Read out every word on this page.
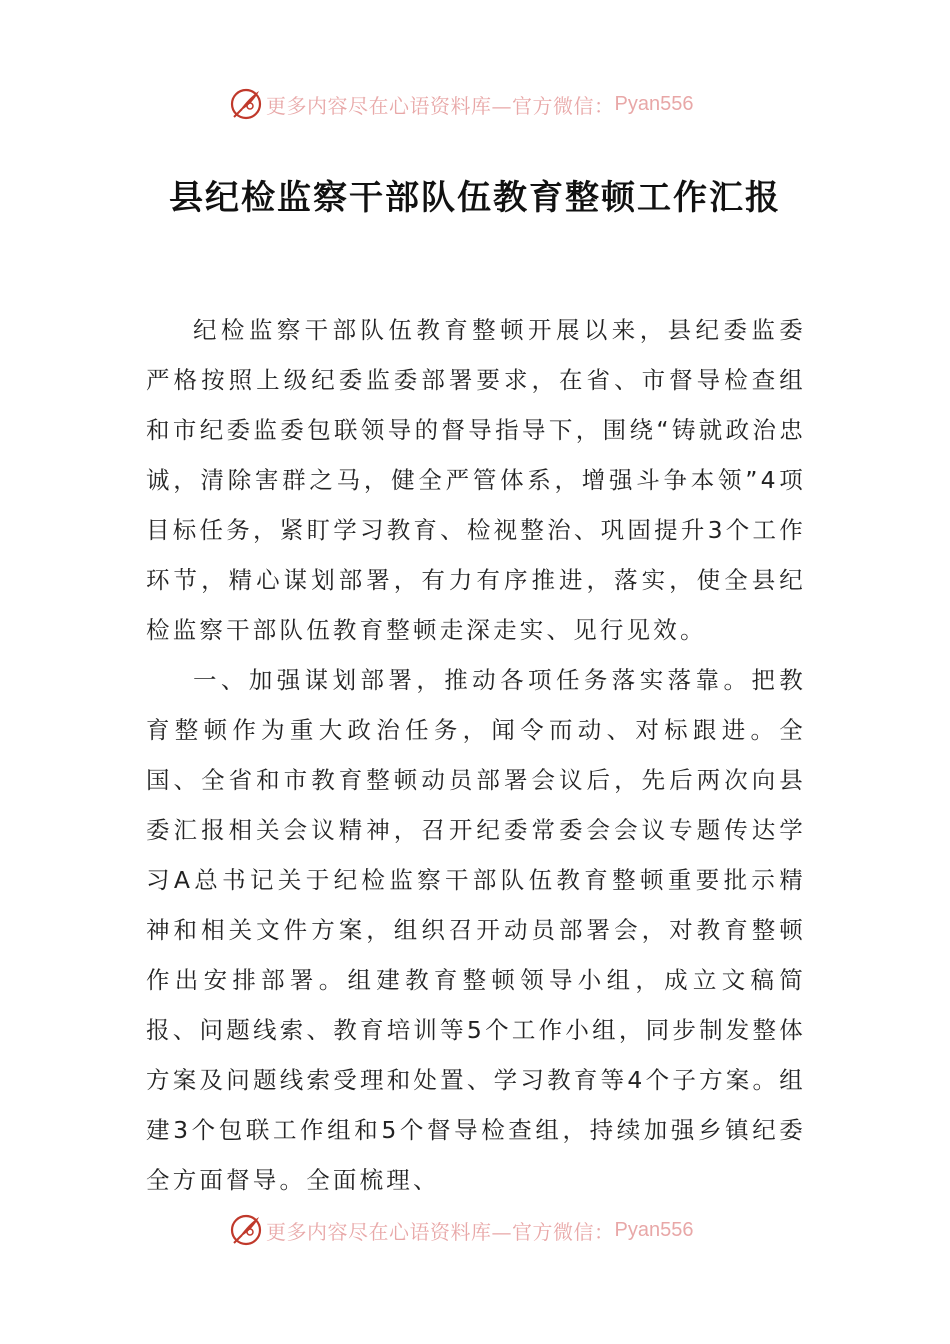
更多内容尽在心语资料库—官方微信： Pyan556
县纪检监察干部队伍教育整顿工作汇报

纪检监察干部队伍教育整顿开展以来，县纪委监委严格按照上级纪委监委部署要求，在省、市督导检查组和市纪委监委包联领导的督导指导下，围绕“铸就政治忠诚，清除害群之马，健全严管体系，增强斗争本领”4项目标任务，紧盯学习教育、检视整治、巩固提升3个工作环节，精心谋划部署，有力有序推进，落实，使全县纪检监察干部队伍教育整顿走深走实、见行见效。

一、加强谋划部署，推动各项任务落实落靠。把教育整顿作为重大政治任务，闻令而动、对标跟进。全国、全省和市教育整顿动员部署会议后，先后两次向县委汇报相关会议精神，召开纪委常委会会议专题传达学习A总书记关于纪检监察干部队伍教育整顿重要批示精神和相关文件方案，组织召开动员部署会，对教育整顿作出安排部署。组建教育整顿领导小组，成立文稿简报、问题线索、教育培训等5个工作小组，同步制发整体方案及问题线索受理和处置、学习教育等4个子方案。组建3个包联工作组和5个督导检查组，持续加强乡镇纪委全方面督导。全面梳理、

更多内容尽在心语资料库—官方微信： Pyan556
